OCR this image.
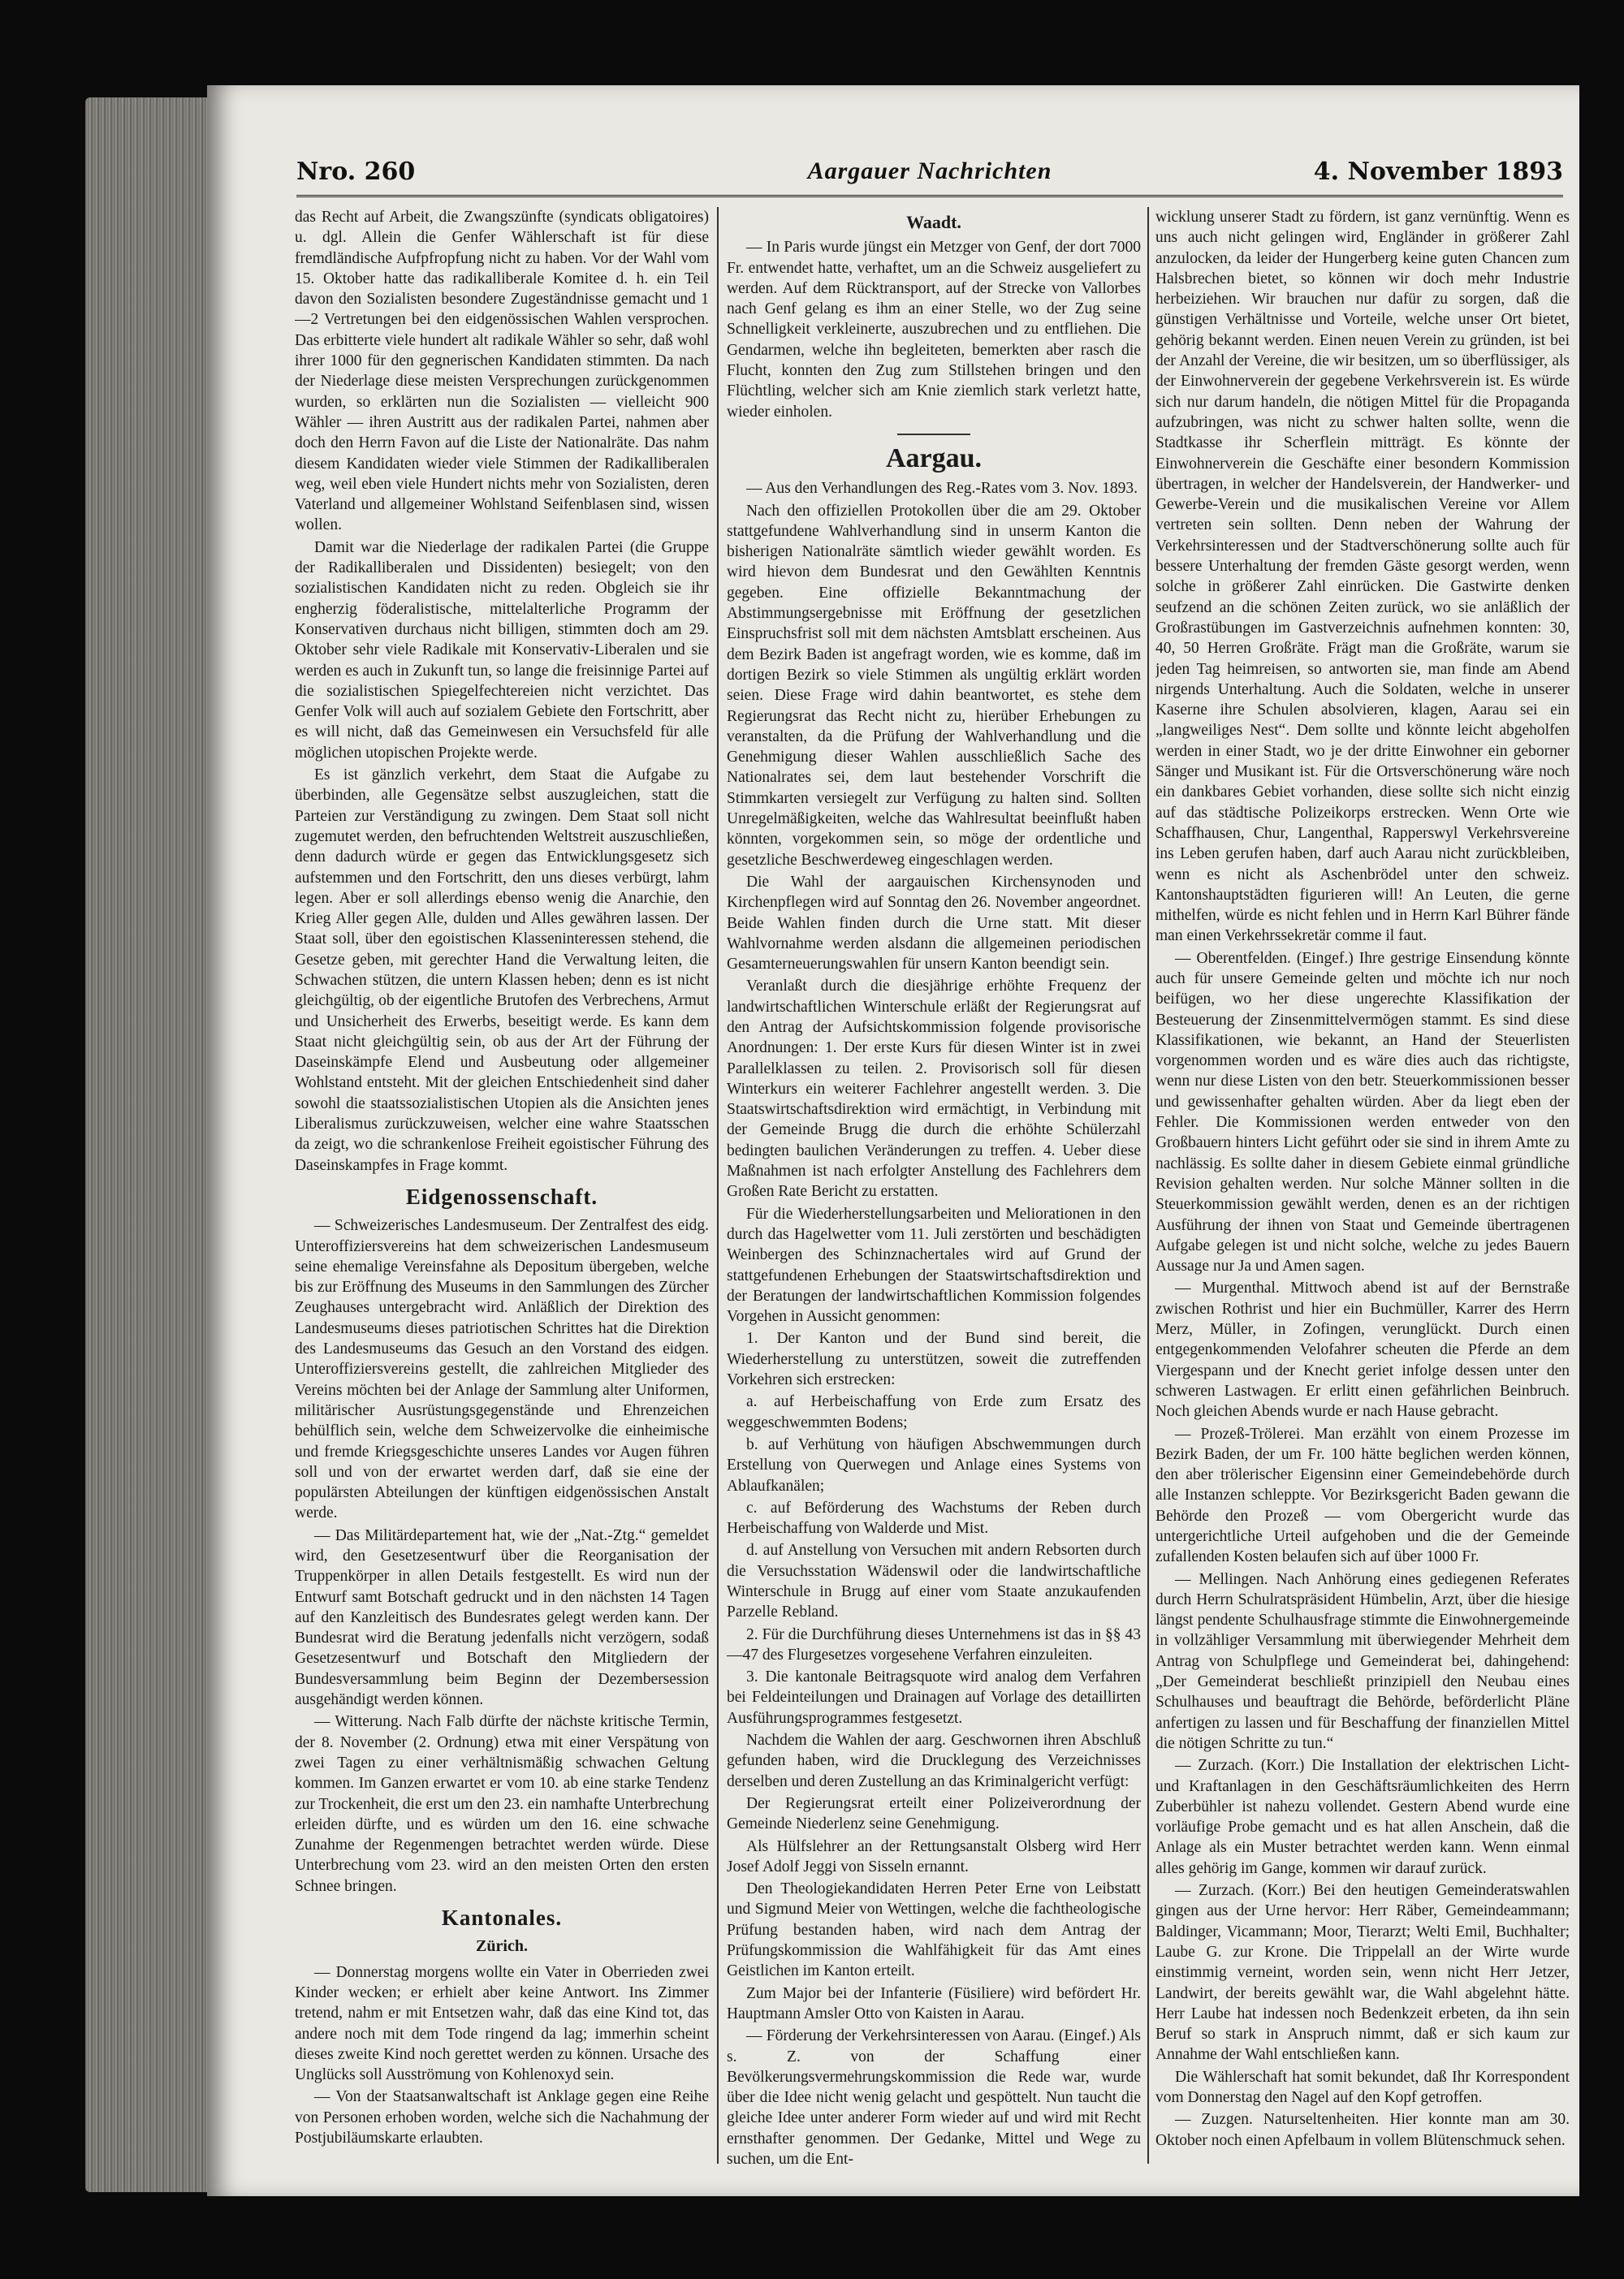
Nro. 260	Aargauer Nachrichten	4. November 1893

das Recht auf Arbeit, die Zwangszünfte (syndicats obligatoires) u. dgl. Allein die Genfer Wählerschaft ist für diese fremdländische Aufpfropfung nicht zu haben. Vor der Wahl vom 15. Oktober hatte das radikalliberale Komitee d. h. ein Teil davon den Sozialisten besondere Zugeständnisse gemacht und 1—2 Vertretungen bei den eidgenössischen Wahlen versprochen. Das erbitterte viele hundert alt radikale Wähler so sehr, daß wohl ihrer 1000 für den gegnerischen Kandidaten stimmten. Da nach der Niederlage diese meisten Versprechungen zurückgenommen wurden, so erklärten nun die Sozialisten — vielleicht 900 Wähler — ihren Austritt aus der radikalen Partei, nahmen aber doch den Herrn Favon auf die Liste der Nationalräte. Das nahm diesem Kandidaten wieder viele Stimmen der Radikalliberalen weg, weil eben viele Hundert nichts mehr von Sozialisten, deren Vaterland und allgemeiner Wohlstand Seifenblasen sind, wissen wollen.

Damit war die Niederlage der radikalen Partei (die Gruppe der Radikalliberalen und Dissidenten) besiegelt; von den sozialistischen Kandidaten nicht zu reden. Obgleich sie ihr engherzig föderalistische, mittelalterliche Programm der Konservativen durchaus nicht billigen, stimmten doch am 29. Oktober sehr viele Radikale mit Konservativ-Liberalen und sie werden es auch in Zukunft tun, so lange die freisinnige Partei auf die sozialistischen Spiegelfechtereien nicht verzichtet. Das Genfer Volk will auch auf sozialem Gebiete den Fortschritt, aber es will nicht, daß das Gemeinwesen ein Versuchsfeld für alle möglichen utopischen Projekte werde.

Es ist gänzlich verkehrt, dem Staat die Aufgabe zu überbinden, alle Gegensätze selbst auszugleichen, statt die Parteien zur Verständigung zu zwingen. Dem Staat soll nicht zugemutet werden, den befruchtenden Weltstreit auszuschließen, denn dadurch würde er gegen das Entwicklungsgesetz sich aufstemmen und den Fortschritt, den uns dieses verbürgt, lahm legen. Aber er soll allerdings ebenso wenig die Anarchie, den Krieg Aller gegen Alle, dulden und Alles gewähren lassen. Der Staat soll, über den egoistischen Klasseninteressen stehend, die Gesetze geben, mit gerechter Hand die Verwaltung leiten, die Schwachen stützen, die untern Klassen heben; denn es ist nicht gleichgültig, ob der eigentliche Brutofen des Verbrechens, Armut und Unsicherheit des Erwerbs, beseitigt werde. Es kann dem Staat nicht gleichgültig sein, ob aus der Art der Führung der Daseinskämpfe Elend und Ausbeutung oder allgemeiner Wohlstand entsteht. Mit der gleichen Entschiedenheit sind daher sowohl die staatssozialistischen Utopien als die Ansichten jenes Liberalismus zurückzuweisen, welcher eine wahre Staatsschen da zeigt, wo die schrankenlose Freiheit egoistischer Führung des Daseinskampfes in Frage kommt.

Eidgenossenschaft.

— Schweizerisches Landesmuseum. Der Zentralfest des eidg. Unteroffiziersvereins hat dem schweizerischen Landesmuseum seine ehemalige Vereinsfahne als Depositum übergeben, welche bis zur Eröffnung des Museums in den Sammlungen des Zürcher Zeughauses untergebracht wird. Anläßlich der Direktion des Landesmuseums dieses patriotischen Schrittes hat die Direktion des Landesmuseums das Gesuch an den Vorstand des eidgen. Unteroffiziersvereins gestellt, die zahlreichen Mitglieder des Vereins möchten bei der Anlage der Sammlung alter Uniformen, militärischer Ausrüstungsgegenstände und Ehrenzeichen behülflich sein, welche dem Schweizervolke die einheimische und fremde Kriegsgeschichte unseres Landes vor Augen führen soll und von der erwartet werden darf, daß sie eine der populärsten Abteilungen der künftigen eidgenössischen Anstalt werde.

— Das Militärdepartement hat, wie der „Nat.-Ztg.“ gemeldet wird, den Gesetzesentwurf über die Reorganisation der Truppenkörper in allen Details festgestellt. Es wird nun der Entwurf samt Botschaft gedruckt und in den nächsten 14 Tagen auf den Kanzleitisch des Bundesrates gelegt werden kann. Der Bundesrat wird die Beratung jedenfalls nicht verzögern, sodaß Gesetzesentwurf und Botschaft den Mitgliedern der Bundesversammlung beim Beginn der Dezembersession ausgehändigt werden können.

— Witterung. Nach Falb dürfte der nächste kritische Termin, der 8. November (2. Ordnung) etwa mit einer Verspätung von zwei Tagen zu einer verhältnismäßig schwachen Geltung kommen. Im Ganzen erwartet er vom 10. ab eine starke Tendenz zur Trockenheit, die erst um den 23. ein namhafte Unterbrechung erleiden dürfte, und es würden um den 16. eine schwache Zunahme der Regenmengen betrachtet werden würde. Diese Unterbrechung vom 23. wird an den meisten Orten den ersten Schnee bringen.

Kantonales.
Zürich.

— Donnerstag morgens wollte ein Vater in Oberrieden zwei Kinder wecken; er erhielt aber keine Antwort. Ins Zimmer tretend, nahm er mit Entsetzen wahr, daß das eine Kind tot, das andere noch mit dem Tode ringend da lag; immerhin scheint dieses zweite Kind noch gerettet werden zu können. Ursache des Unglücks soll Ausströmung von Kohlenoxyd sein.

— Von der Staatsanwaltschaft ist Anklage gegen eine Reihe von Personen erhoben worden, welche sich die Nachahmung der Postjubiläumskarte erlaubten.

Waadt.

— In Paris wurde jüngst ein Metzger von Genf, der dort 7000 Fr. entwendet hatte, verhaftet, um an die Schweiz ausgeliefert zu werden. Auf dem Rücktransport, auf der Strecke von Vallorbes nach Genf gelang es ihm an einer Stelle, wo der Zug seine Schnelligkeit verkleinerte, auszubrechen und zu entfliehen. Die Gendarmen, welche ihn begleiteten, bemerkten aber rasch die Flucht, konnten den Zug zum Stillstehen bringen und den Flüchtling, welcher sich am Knie ziemlich stark verletzt hatte, wieder einholen.

Aargau.

— Aus den Verhandlungen des Reg.-Rates vom 3. Nov. 1893.

Nach den offiziellen Protokollen über die am 29. Oktober stattgefundene Wahlverhandlung sind in unserm Kanton die bisherigen Nationalräte sämtlich wieder gewählt worden. Es wird hievon dem Bundesrat und den Gewählten Kenntnis gegeben. Eine offizielle Bekanntmachung der Abstimmungsergebnisse mit Eröffnung der gesetzlichen Einspruchsfrist soll mit dem nächsten Amtsblatt erscheinen. Aus dem Bezirk Baden ist angefragt worden, wie es komme, daß im dortigen Bezirk so viele Stimmen als ungültig erklärt worden seien. Diese Frage wird dahin beantwortet, es stehe dem Regierungsrat das Recht nicht zu, hierüber Erhebungen zu veranstalten, da die Prüfung der Wahlverhandlung und die Genehmigung dieser Wahlen ausschließlich Sache des Nationalrates sei, dem laut bestehender Vorschrift die Stimmkarten versiegelt zur Verfügung zu halten sind. Sollten Unregelmäßigkeiten, welche das Wahlresultat beeinflußt haben könnten, vorgekommen sein, so möge der ordentliche und gesetzliche Beschwerdeweg eingeschlagen werden.

Die Wahl der aargauischen Kirchensynoden und Kirchenpflegen wird auf Sonntag den 26. November angeordnet. Beide Wahlen finden durch die Urne statt. Mit dieser Wahlvornahme werden alsdann die allgemeinen periodischen Gesamterneuerungswahlen für unsern Kanton beendigt sein.

Veranlaßt durch die diesjährige erhöhte Frequenz der landwirtschaftlichen Winterschule erläßt der Regierungsrat auf den Antrag der Aufsichtskommission folgende provisorische Anordnungen: 1. Der erste Kurs für diesen Winter ist in zwei Parallelklassen zu teilen. 2. Provisorisch soll für diesen Winterkurs ein weiterer Fachlehrer angestellt werden. 3. Die Staatswirtschaftsdirektion wird ermächtigt, in Verbindung mit der Gemeinde Brugg die durch die erhöhte Schülerzahl bedingten baulichen Veränderungen zu treffen. 4. Ueber diese Maßnahmen ist nach erfolgter Anstellung des Fachlehrers dem Großen Rate Bericht zu erstatten.

Für die Wiederherstellungsarbeiten und Meliorationen in den durch das Hagelwetter vom 11. Juli zerstörten und beschädigten Weinbergen des Schinznachertales wird auf Grund der stattgefundenen Erhebungen der Staatswirtschaftsdirektion und der Beratungen der landwirtschaftlichen Kommission folgendes Vorgehen in Aussicht genommen:

1. Der Kanton und der Bund sind bereit, die Wiederherstellung zu unterstützen, soweit die zutreffenden Vorkehren sich erstrecken:

a. auf Herbeischaffung von Erde zum Ersatz des weggeschwemmten Bodens;

b. auf Verhütung von häufigen Abschwemmungen durch Erstellung von Querwegen und Anlage eines Systems von Ablaufkanälen;

c. auf Beförderung des Wachstums der Reben durch Herbeischaffung von Walderde und Mist.

d. auf Anstellung von Versuchen mit andern Rebsorten durch die Versuchsstation Wädenswil oder die landwirtschaftliche Winterschule in Brugg auf einer vom Staate anzukaufenden Parzelle Rebland.

2. Für die Durchführung dieses Unternehmens ist das in §§ 43—47 des Flurgesetzes vorgesehene Verfahren einzuleiten.

3. Die kantonale Beitragsquote wird analog dem Verfahren bei Feldeinteilungen und Drainagen auf Vorlage des detaillirten Ausführungsprogrammes festgesetzt.

Nachdem die Wahlen der aarg. Geschwornen ihren Abschluß gefunden haben, wird die Drucklegung des Verzeichnisses derselben und deren Zustellung an das Kriminalgericht verfügt:

Der Regierungsrat erteilt einer Polizeiverordnung der Gemeinde Niederlenz seine Genehmigung.

Als Hülfslehrer an der Rettungsanstalt Olsberg wird Herr Josef Adolf Jeggi von Sisseln ernannt.

Den Theologiekandidaten Herren Peter Erne von Leibstatt und Sigmund Meier von Wettingen, welche die fachtheologische Prüfung bestanden haben, wird nach dem Antrag der Prüfungskommission die Wahlfähigkeit für das Amt eines Geistlichen im Kanton erteilt.

Zum Major bei der Infanterie (Füsiliere) wird befördert Hr. Hauptmann Amsler Otto von Kaisten in Aarau.

— Förderung der Verkehrsinteressen von Aarau. (Eingef.) Als s. Z. von der Schaffung einer Bevölkerungsvermehrungskommission die Rede war, wurde über die Idee nicht wenig gelacht und gespöttelt. Nun taucht die gleiche Idee unter anderer Form wieder auf und wird mit Recht ernsthafter genommen. Der Gedanke, Mittel und Wege zu suchen, um die Ent-

wicklung unserer Stadt zu fördern, ist ganz vernünftig. Wenn es uns auch nicht gelingen wird, Engländer in größerer Zahl anzulocken, da leider der Hungerberg keine guten Chancen zum Halsbrechen bietet, so können wir doch mehr Industrie herbeiziehen. Wir brauchen nur dafür zu sorgen, daß die günstigen Verhältnisse und Vorteile, welche unser Ort bietet, gehörig bekannt werden. Einen neuen Verein zu gründen, ist bei der Anzahl der Vereine, die wir besitzen, um so überflüssiger, als der Einwohnerverein der gegebene Verkehrsverein ist. Es würde sich nur darum handeln, die nötigen Mittel für die Propaganda aufzubringen, was nicht zu schwer halten sollte, wenn die Stadtkasse ihr Scherflein mitträgt. Es könnte der Einwohnerverein die Geschäfte einer besondern Kommission übertragen, in welcher der Handelsverein, der Handwerker- und Gewerbe-Verein und die musikalischen Vereine vor Allem vertreten sein sollten. Denn neben der Wahrung der Verkehrsinteressen und der Stadtverschönerung sollte auch für bessere Unterhaltung der fremden Gäste gesorgt werden, wenn solche in größerer Zahl einrücken. Die Gastwirte denken seufzend an die schönen Zeiten zurück, wo sie anläßlich der Großrastübungen im Gastverzeichnis aufnehmen konnten: 30, 40, 50 Herren Großräte. Frägt man die Großräte, warum sie jeden Tag heimreisen, so antworten sie, man finde am Abend nirgends Unterhaltung. Auch die Soldaten, welche in unserer Kaserne ihre Schulen absolvieren, klagen, Aarau sei ein „langweiliges Nest“. Dem sollte und könnte leicht abgeholfen werden in einer Stadt, wo je der dritte Einwohner ein geborner Sänger und Musikant ist. Für die Ortsverschönerung wäre noch ein dankbares Gebiet vorhanden, diese sollte sich nicht einzig auf das städtische Polizeikorps erstrecken. Wenn Orte wie Schaffhausen, Chur, Langenthal, Rapperswyl Verkehrsvereine ins Leben gerufen haben, darf auch Aarau nicht zurückbleiben, wenn es nicht als Aschenbrödel unter den schweiz. Kantonshauptstädten figurieren will! An Leuten, die gerne mithelfen, würde es nicht fehlen und in Herrn Karl Bührer fände man einen Verkehrssekretär comme il faut.

— Oberentfelden. (Eingef.) Ihre gestrige Einsendung könnte auch für unsere Gemeinde gelten und möchte ich nur noch beifügen, wo her diese ungerechte Klassifikation der Besteuerung der Zinsenmittelvermögen stammt. Es sind diese Klassifikationen, wie bekannt, an Hand der Steuerlisten vorgenommen worden und es wäre dies auch das richtigste, wenn nur diese Listen von den betr. Steuerkommissionen besser und gewissenhafter gehalten würden. Aber da liegt eben der Fehler. Die Kommissionen werden entweder von den Großbauern hinters Licht geführt oder sie sind in ihrem Amte zu nachlässig. Es sollte daher in diesem Gebiete einmal gründliche Revision gehalten werden. Nur solche Männer sollten in die Steuerkommission gewählt werden, denen es an der richtigen Ausführung der ihnen von Staat und Gemeinde übertragenen Aufgabe gelegen ist und nicht solche, welche zu jedes Bauern Aussage nur Ja und Amen sagen.

— Murgenthal. Mittwoch abend ist auf der Bernstraße zwischen Rothrist und hier ein Buchmüller, Karrer des Herrn Merz, Müller, in Zofingen, verunglückt. Durch einen entgegenkommenden Velofahrer scheuten die Pferde an dem Viergespann und der Knecht geriet infolge dessen unter den schweren Lastwagen. Er erlitt einen gefährlichen Beinbruch. Noch gleichen Abends wurde er nach Hause gebracht.

— Prozeß-Trölerei. Man erzählt von einem Prozesse im Bezirk Baden, der um Fr. 100 hätte beglichen werden können, den aber trölerischer Eigensinn einer Gemeindebehörde durch alle Instanzen schleppte. Vor Bezirksgericht Baden gewann die Behörde den Prozeß — vom Obergericht wurde das untergerichtliche Urteil aufgehoben und die der Gemeinde zufallenden Kosten belaufen sich auf über 1000 Fr.

— Mellingen. Nach Anhörung eines gediegenen Referates durch Herrn Schulratspräsident Hümbelin, Arzt, über die hiesige längst pendente Schulhausfrage stimmte die Einwohnergemeinde in vollzähliger Versammlung mit überwiegender Mehrheit dem Antrag von Schulpflege und Gemeinderat bei, dahingehend: „Der Gemeinderat beschließt prinzipiell den Neubau eines Schulhauses und beauftragt die Behörde, beförderlicht Pläne anfertigen zu lassen und für Beschaffung der finanziellen Mittel die nötigen Schritte zu tun.“

— Zurzach. (Korr.) Die Installation der elektrischen Licht- und Kraftanlagen in den Geschäftsräumlichkeiten des Herrn Zuberbühler ist nahezu vollendet. Gestern Abend wurde eine vorläufige Probe gemacht und es hat allen Anschein, daß die Anlage als ein Muster betrachtet werden kann. Wenn einmal alles gehörig im Gange, kommen wir darauf zurück.

— Zurzach. (Korr.) Bei den heutigen Gemeinderatswahlen gingen aus der Urne hervor: Herr Räber, Gemeindeammann; Baldinger, Vicammann; Moor, Tierarzt; Welti Emil, Buchhalter; Laube G. zur Krone. Die Trippelall an der Wirte wurde einstimmig verneint, worden sein, wenn nicht Herr Jetzer, Landwirt, der bereits gewählt war, die Wahl abgelehnt hätte. Herr Laube hat indessen noch Bedenkzeit erbeten, da ihn sein Beruf so stark in Anspruch nimmt, daß er sich kaum zur Annahme der Wahl entschließen kann.

Die Wählerschaft hat somit bekundet, daß Ihr Korrespondent vom Donnerstag den Nagel auf den Kopf getroffen.

— Zuzgen. Naturseltenheiten. Hier konnte man am 30. Oktober noch einen Apfelbaum in vollem Blütenschmuck sehen.
